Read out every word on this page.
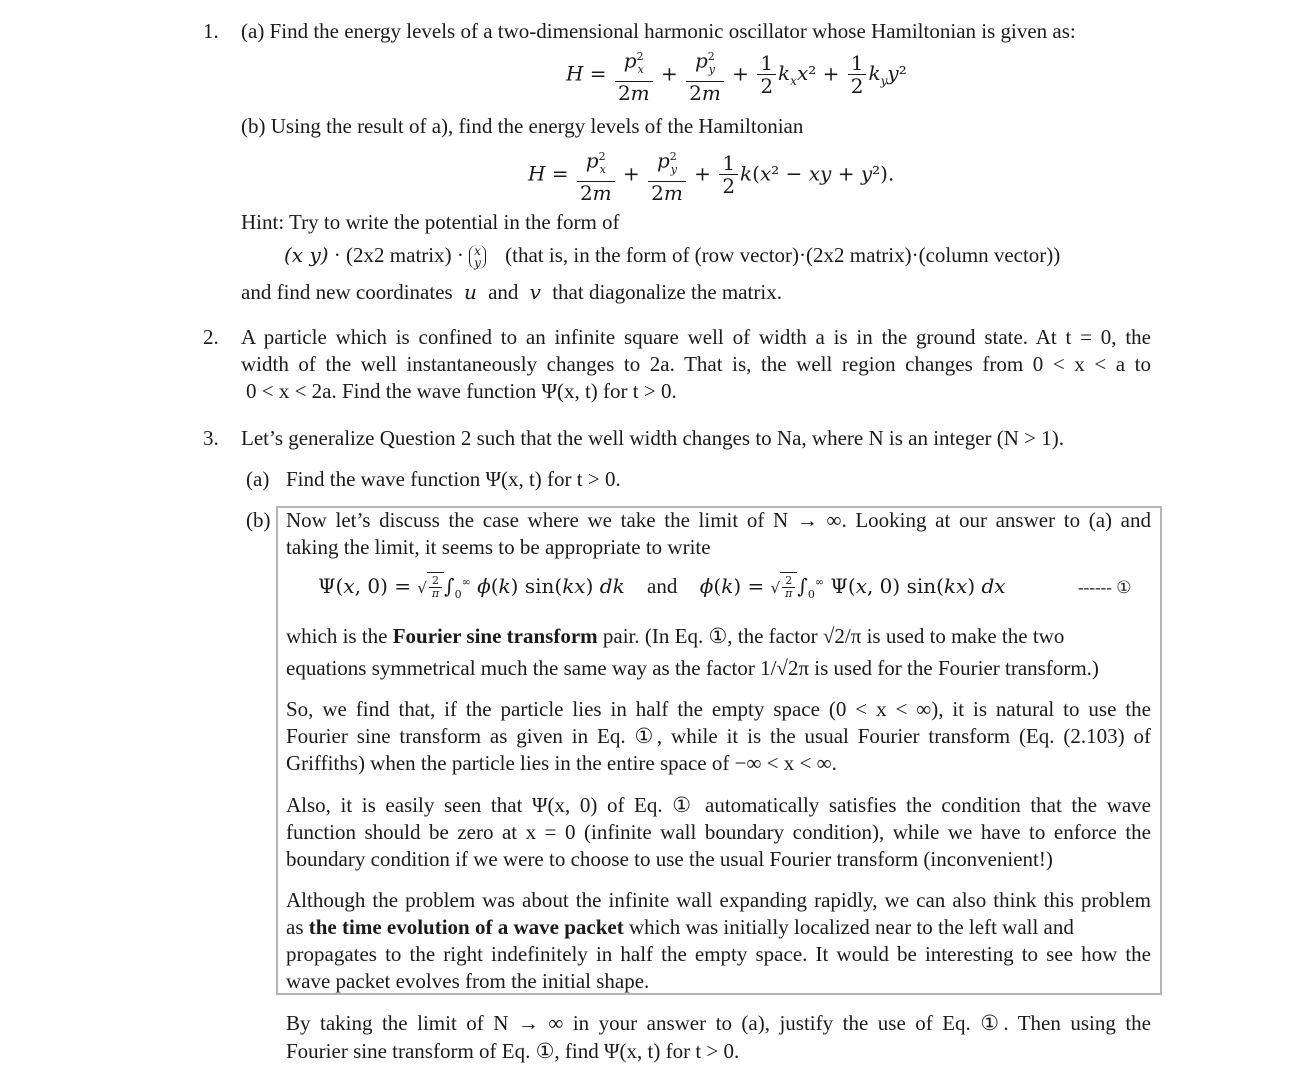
1. (a) Find the energy levels of a two-dimensional harmonic oscillator whose Hamiltonian is given as:
$H = \frac{p^2_x}{2m} + \frac{p^2_y}{2m} + \frac{1}{2} k_xx^2 + \frac{1}{2} k_yy^2$
(b) Using the result of a), find the energy levels of the Hamiltonian
$H = \frac{p^2_x}{2m} + \frac{p^2_y}{2m} + \frac{1}{2} k(x^2$ − xy + y²).
Hint: Try to write the potential in the form of
(x y) · (2x2 matrix) · x
y (that is, in the form of (row vector)·(2x2 matrix)·(column vector))
and find new coordinates u and v that diagonalize the matrix.
2. A particle which is confined to an infinite square well of width a is in the ground state. At t = 0, the
width of the well instantaneously changes to 2a. That is, the well region changes from 0 < x < a to
0 < x < 2a. Find the wave function Ψ(x, t) for t > 0.
3. Let’s generalize Question 2 such that the well width changes to Na, where N is an integer (N > 1).
(a) Find the wave function Ψ(x, t) for t > 0.
(b) Now let’s discuss the case where we take the limit of N → ∞. Looking at our answer to (a) and
taking the limit, it seems to be appropriate to write
Ψ(x, 0) = √ $\frac{2}{\pi} \int_0^\infty$ ϕ(k) sin(kx) dk and ϕ(k) = √ $\frac{2}{\pi} \int_0^\infty$ Ψ(x, 0) sin(kx) dx	------ ①
which is the Fourier sine transform pair. (In Eq. ①, the factor √2/π is used to make the two
equations symmetrical much the same way as the factor 1/√2π is used for the Fourier transform.)
So, we find that, if the particle lies in half the empty space (0 < x < ∞), it is natural to use the
Fourier sine transform as given in Eq. ①, while it is the usual Fourier transform (Eq. (2.103) of
Griffiths) when the particle lies in the entire space of −∞ < x < ∞.
Also, it is easily seen that Ψ(x, 0) of Eq. ① automatically satisfies the condition that the wave
function should be zero at x = 0 (infinite wall boundary condition), while we have to enforce the
boundary condition if we were to choose to use the usual Fourier transform (inconvenient!)
Although the problem was about the infinite wall expanding rapidly, we can also think this problem
as the time evolution of a wave packet which was initially localized near to the left wall and
propagates to the right indefinitely in half the empty space. It would be interesting to see how the
wave packet evolves from the initial shape.
By taking the limit of N → ∞ in your answer to (a), justify the use of Eq. ①. Then using the
Fourier sine transform of Eq. ①, find Ψ(x, t) for t > 0.
